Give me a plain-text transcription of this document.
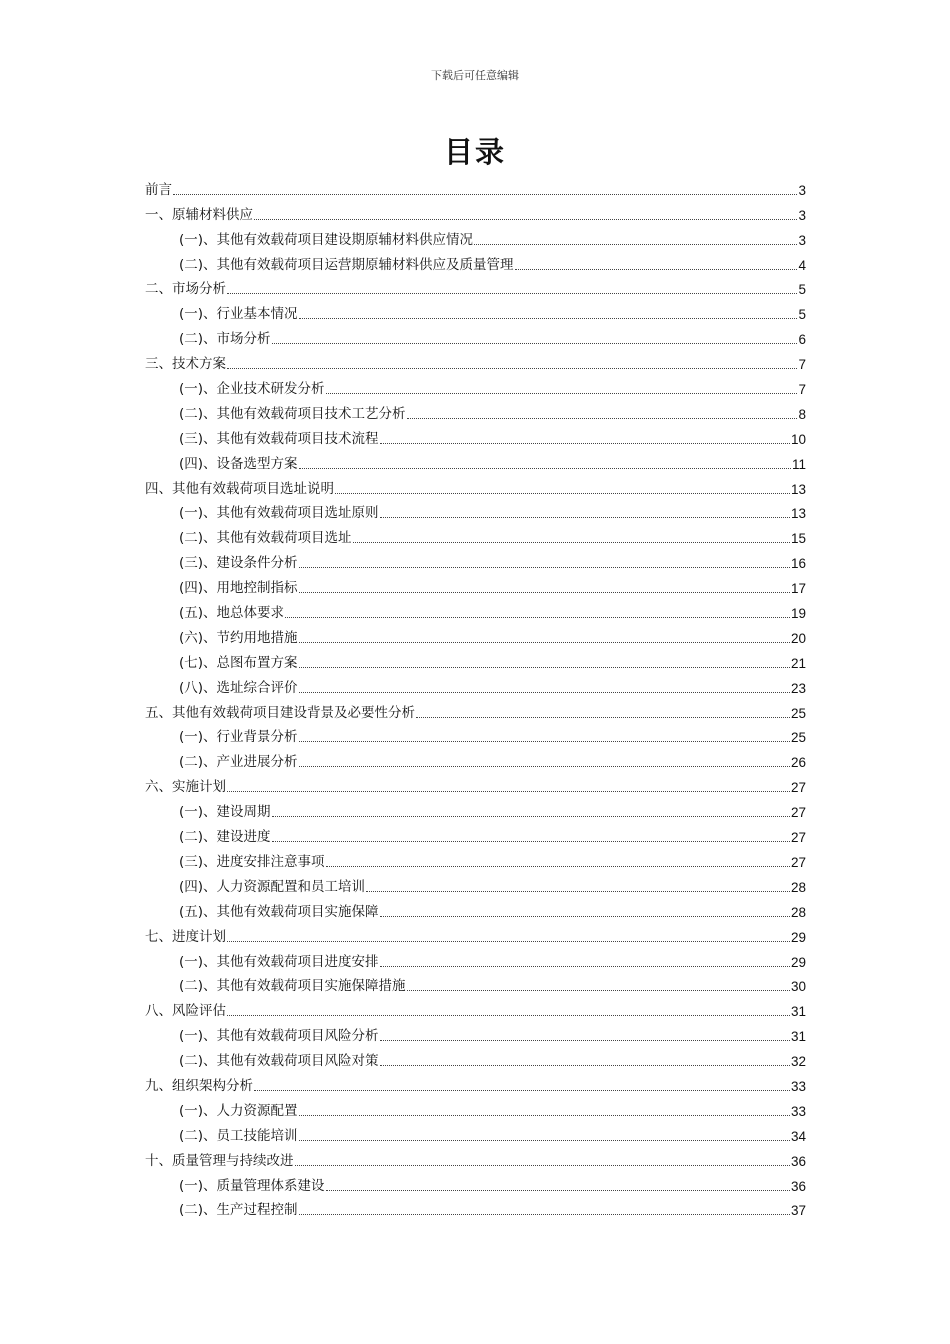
下载后可任意编辑
目录
前言	3
一、原辅材料供应	3
(一)、其他有效载荷项目建设期原辅材料供应情况	3
(二)、其他有效载荷项目运营期原辅材料供应及质量管理	4
二、市场分析	5
(一)、行业基本情况	5
(二)、市场分析	6
三、技术方案	7
(一)、企业技术研发分析	7
(二)、其他有效载荷项目技术工艺分析	8
(三)、其他有效载荷项目技术流程	10
(四)、设备选型方案	11
四、其他有效载荷项目选址说明	13
(一)、其他有效载荷项目选址原则	13
(二)、其他有效载荷项目选址	15
(三)、建设条件分析	16
(四)、用地控制指标	17
(五)、地总体要求	19
(六)、节约用地措施	20
(七)、总图布置方案	21
(八)、选址综合评价	23
五、其他有效载荷项目建设背景及必要性分析	25
(一)、行业背景分析	25
(二)、产业进展分析	26
六、实施计划	27
(一)、建设周期	27
(二)、建设进度	27
(三)、进度安排注意事项	27
(四)、人力资源配置和员工培训	28
(五)、其他有效载荷项目实施保障	28
七、进度计划	29
(一)、其他有效载荷项目进度安排	29
(二)、其他有效载荷项目实施保障措施	30
八、风险评估	31
(一)、其他有效载荷项目风险分析	31
(二)、其他有效载荷项目风险对策	32
九、组织架构分析	33
(一)、人力资源配置	33
(二)、员工技能培训	34
十、质量管理与持续改进	36
(一)、质量管理体系建设	36
(二)、生产过程控制	37
